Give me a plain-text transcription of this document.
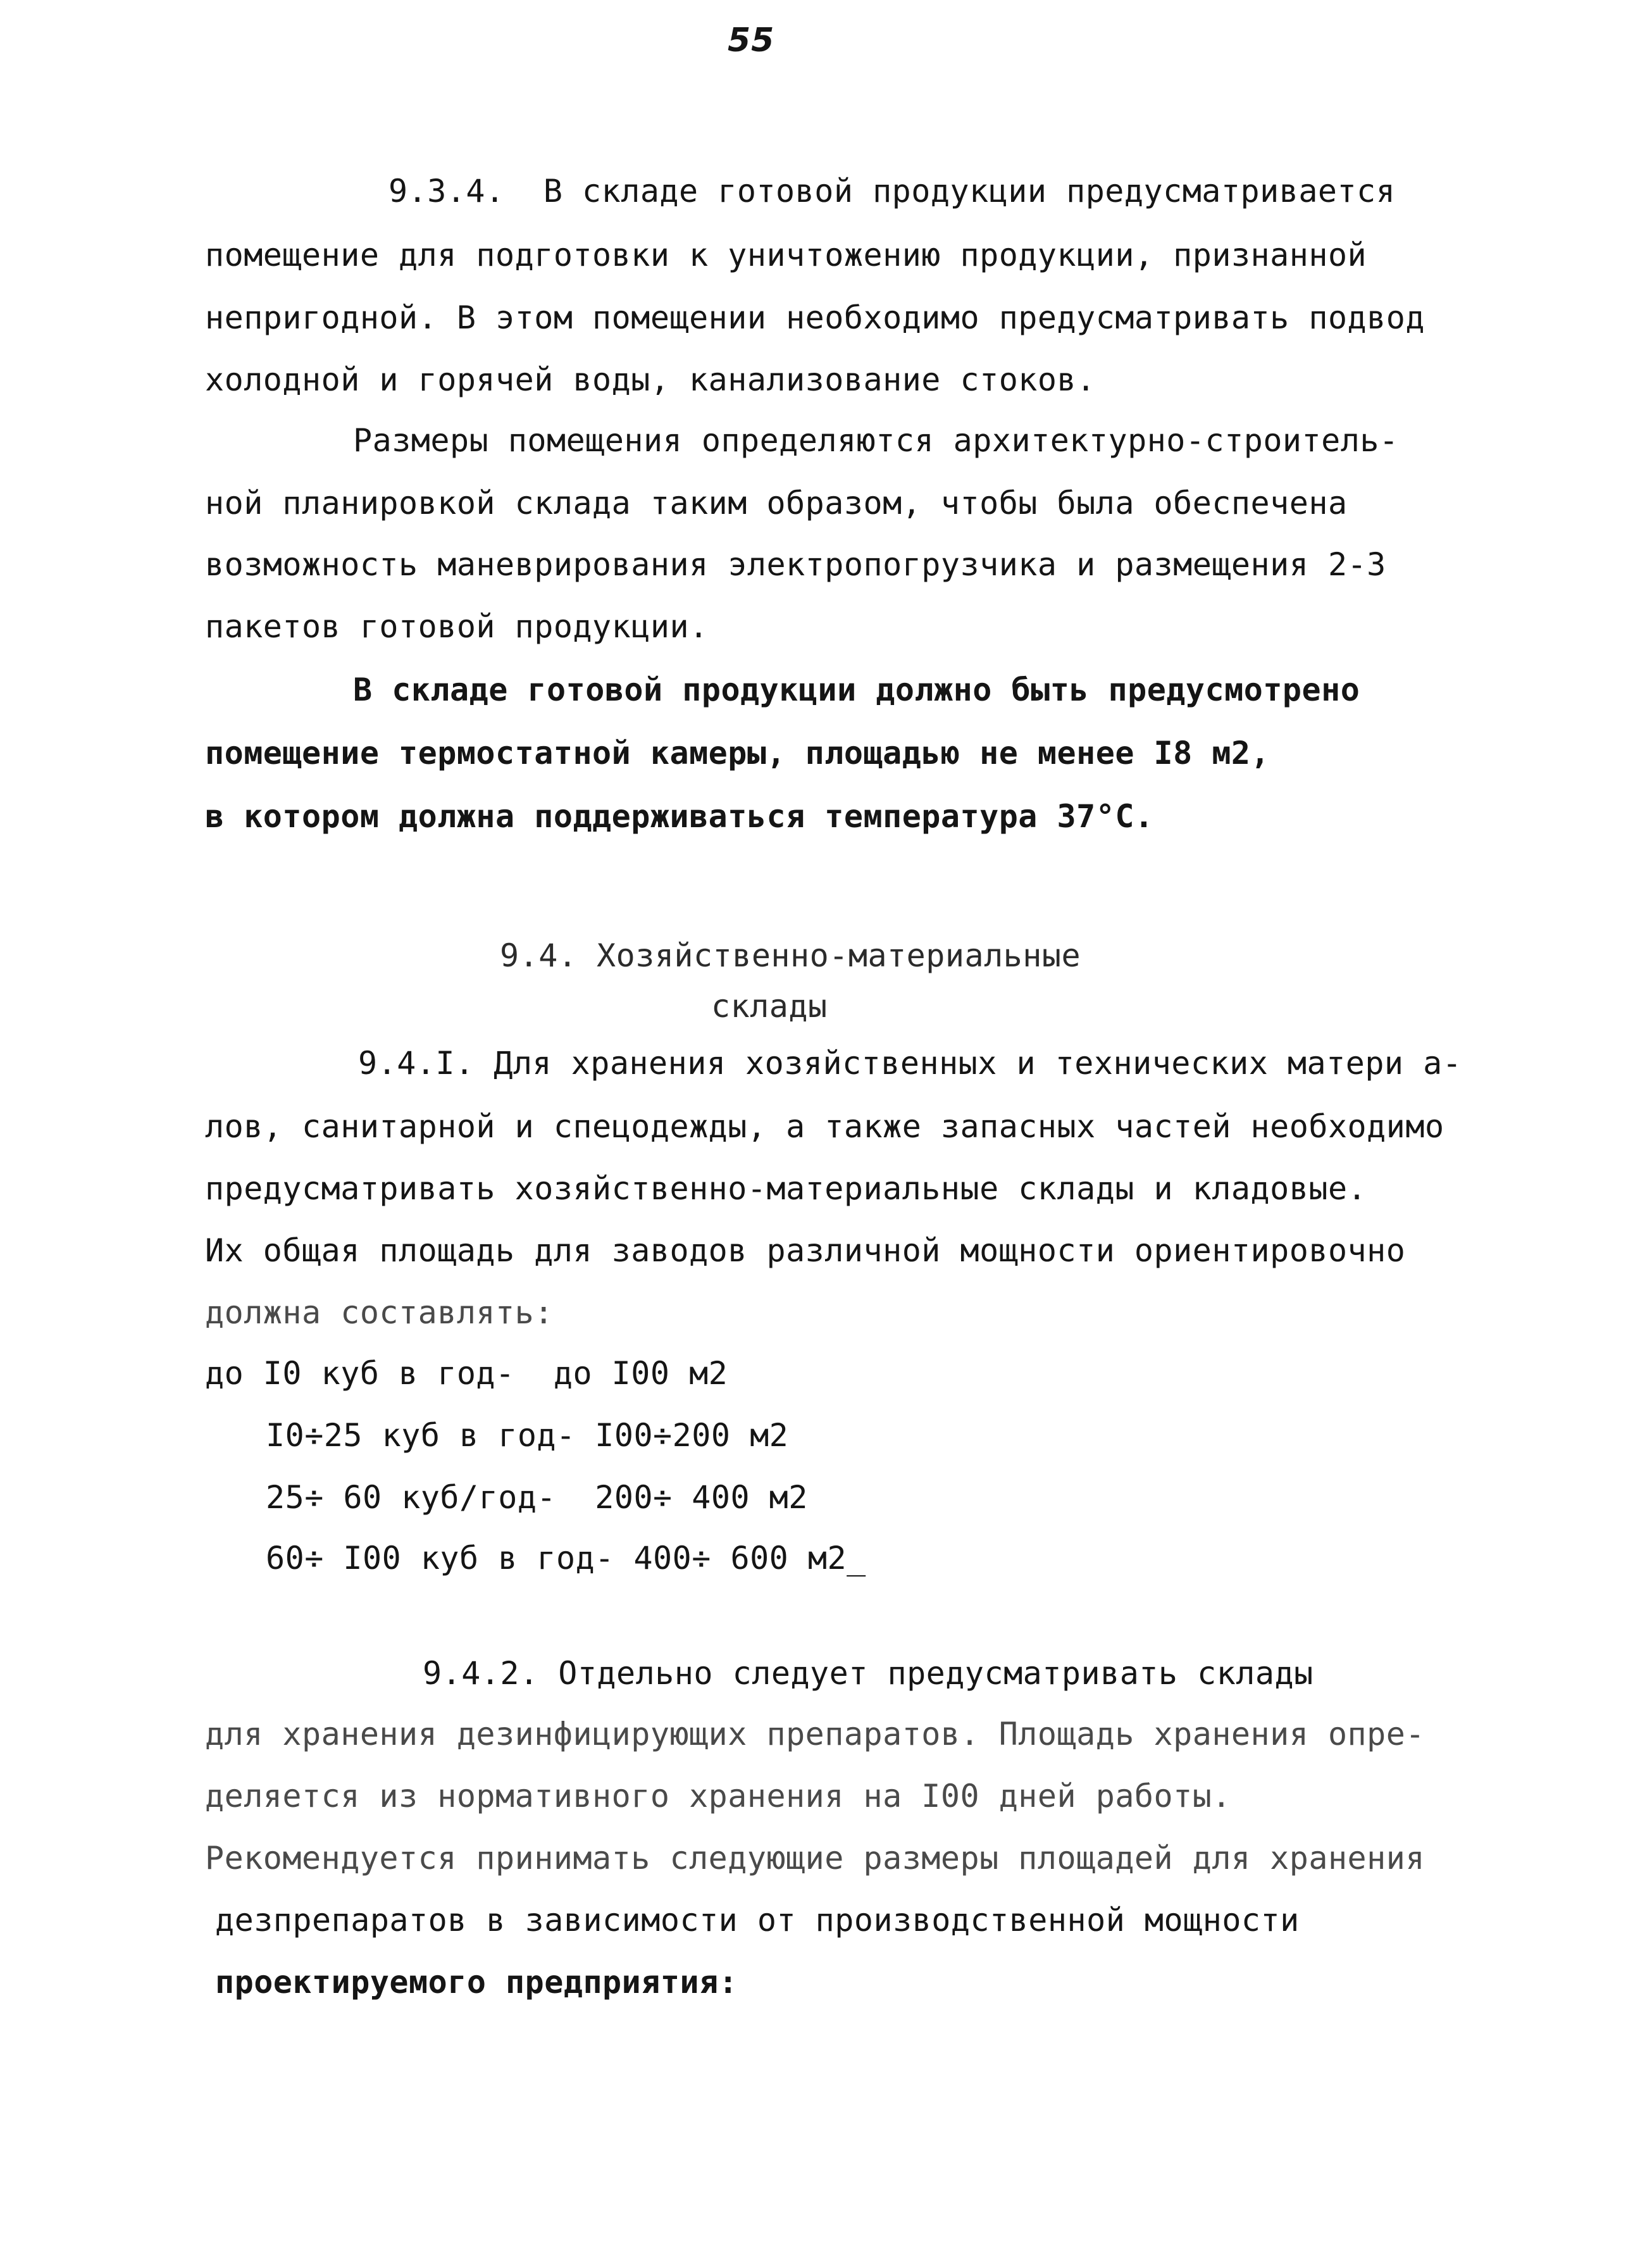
55
9.3.4.  В складе готовой продукции предусматривается
помещение для подготовки к уничтожению продукции, признанной
непригодной. В этом помещении необходимо предусматривать подвод
холодной и горячей воды, канализование стоков.
Размеры помещения определяются архитектурно-строитель-
ной планировкой склада таким образом, чтобы была обеспечена
возможность маневрирования электропогрузчика и размещения 2-3
пакетов готовой продукции.
В складе готовой продукции должно быть предусмотрено
помещение термостатной камеры, площадью не менее I8 м2,
в котором должна поддерживаться температура 37°С.
9.4. Хозяйственно-материальные
склады
9.4.I. Для хранения хозяйственных и технических матери а-
лов, санитарной и спецодежды, а также запасных частей необходимо
предусматривать хозяйственно-материальные склады и кладовые.
Их общая площадь для заводов различной мощности ориентировочно
должна составлять:
до I0 куб в год-  до I00 м2
I0÷25 куб в год- I00÷200 м2
25÷ 60 куб/год-  200÷ 400 м2
60÷ I00 куб в год- 400÷ 600 м2_
9.4.2. Отдельно следует предусматривать склады
для хранения дезинфицирующих препаратов. Площадь хранения опре-
деляется из нормативного хранения на I00 дней работы.
Рекомендуется принимать следующие размеры площадей для хранения
дезпрепаратов в зависимости от производственной мощности
проектируемого предприятия:
